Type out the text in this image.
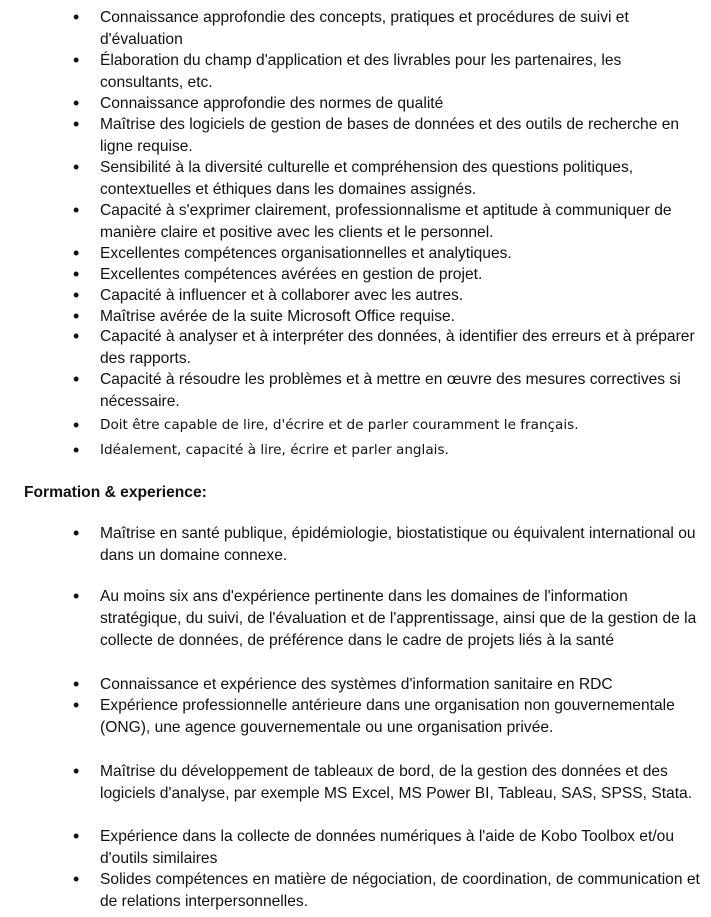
• Connaissance approfondie des concepts, pratiques et procédures de suivi et d'évaluation
• Élaboration du champ d'application et des livrables pour les partenaires, les consultants, etc.
• Connaissance approfondie des normes de qualité
• Maîtrise des logiciels de gestion de bases de données et des outils de recherche en ligne requise.
• Sensibilité à la diversité culturelle et compréhension des questions politiques, contextuelles et éthiques dans les domaines assignés.
• Capacité à s'exprimer clairement, professionnalisme et aptitude à communiquer de manière claire et positive avec les clients et le personnel.
• Excellentes compétences organisationnelles et analytiques.
• Excellentes compétences avérées en gestion de projet.
• Capacité à influencer et à collaborer avec les autres.
• Maîtrise avérée de la suite Microsoft Office requise.
• Capacité à analyser et à interpréter des données, à identifier des erreurs et à préparer des rapports.
• Capacité à résoudre les problèmes et à mettre en œuvre des mesures correctives si nécessaire.
• Doit être capable de lire, d'écrire et de parler couramment le français.
• Idéalement, capacité à lire, écrire et parler anglais.
Formation & experience:
• Maîtrise en santé publique, épidémiologie, biostatistique ou équivalent international ou dans un domaine connexe.
• Au moins six ans d'expérience pertinente dans les domaines de l'information stratégique, du suivi, de l'évaluation et de l'apprentissage, ainsi que de la gestion de la collecte de données, de préférence dans le cadre de projets liés à la santé
• Connaissance et expérience des systèmes d'information sanitaire en RDC
• Expérience professionnelle antérieure dans une organisation non gouvernementale (ONG), une agence gouvernementale ou une organisation privée.
• Maîtrise du développement de tableaux de bord, de la gestion des données et des logiciels d'analyse, par exemple MS Excel, MS Power BI, Tableau, SAS, SPSS, Stata.
• Expérience dans la collecte de données numériques à l'aide de Kobo Toolbox et/ou d'outils similaires
• Solides compétences en matière de négociation, de coordination, de communication et de relations interpersonnelles.
